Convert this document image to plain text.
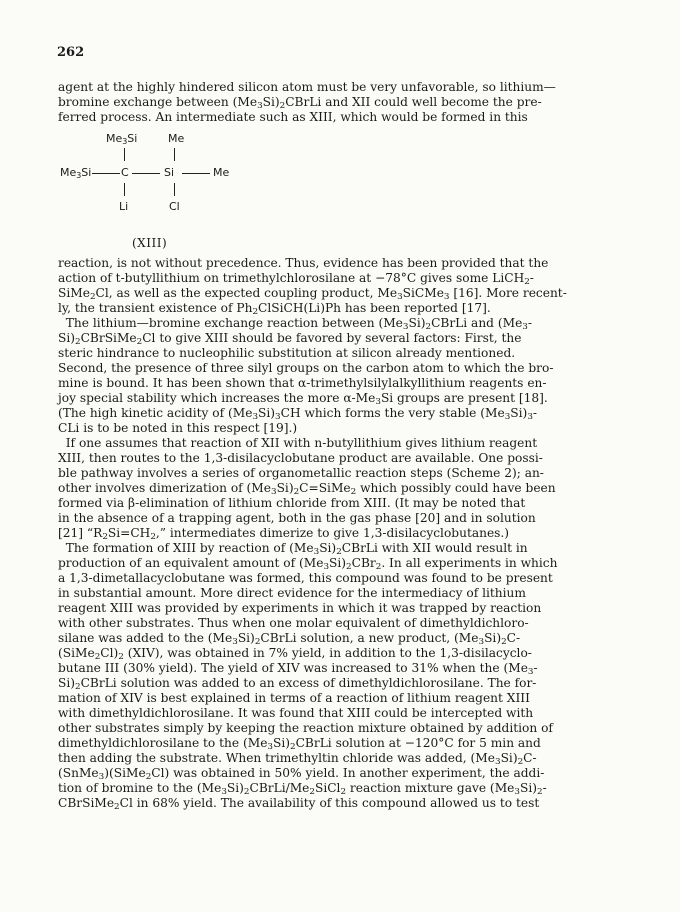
262
agent at the highly hindered silicon atom must be very unfavorable, so lithium—
bromine exchange between $(Me_3Si)_2CBrLi$ and XII could well become the pre-
ferred process. An intermediate such as XIII, which would be formed in this
$Me_3Si$	Me
$Me_3Si$	C	Si	Me
Li	Cl
(XIII)
reaction, is not without precedence. Thus, evidence has been provided that the
action of t-butyllithium on trimethylchlorosilane at −78°C gives some LiCH$_2$-
SiMe$_2$Cl, as well as the expected coupling product, $Me_3SiCMe_3$ [16]. More recent-
ly, the transient existence of $Ph_2ClSiCH(Li)Ph$ has been reported [17].
The lithium—bromine exchange reaction between $(Me_3Si)_2CBrLi$ and ($Me_3-$
$Si)_2CBrSiMe_2Cl$ to give XIII should be favored by several factors: First, the
steric hindrance to nucleophilic substitution at silicon already mentioned.
Second, the presence of three silyl groups on the carbon atom to which the bro-
mine is bound. It has been shown that α-trimethylsilylalkyllithium reagents en-
joy special stability which increases the more $\alpha-Me_3Si$ groups are present [18].
(The high kinetic acidity of $(Me_3Si)_3CH$ which forms the very stable $(Me_3Si)_3-$
CLi is to be noted in this respect [19].)
If one assumes that reaction of XII with n-butyllithium gives lithium reagent
XIII, then routes to the 1,3-disilacyclobutane product are available. One possi-
ble pathway involves a series of organometallic reaction steps (Scheme 2); an-
other involves dimerization of $(Me_3Si)_2C=SiMe_2$ which possibly could have been
formed via β-elimination of lithium chloride from XIII. (It may be noted that
in the absence of a trapping agent, both in the gas phase [20] and in solution
[21] “$R_2Si=CH_2$,” intermediates dimerize to give 1,3-disilacyclobutanes.)
The formation of XIII by reaction of $(Me_3Si)_2CBrLi$ with XII would result in
production of an equivalent amount of $(Me_3Si)_2CBr_2$. In all experiments in which
a 1,3-dimetallacyclobutane was formed, this compound was found to be present
in substantial amount. More direct evidence for the intermediacy of lithium
reagent XIII was provided by experiments in which it was trapped by reaction
with other substrates. Thus when one molar equivalent of dimethyldichloro-
silane was added to the $(Me_3Si)_2CBrLi$ solution, a new product, $(Me_3Si)_2C-$
$(SiMe_2Cl)_2$ (XIV), was obtained in 7% yield, in addition to the 1,3-disilacyclo-
butane III (30% yield). The yield of XIV was increased to 31% when the ($Me_3-$
$Si)_2CBrLi$ solution was added to an excess of dimethyldichlorosilane. The for-
mation of XIV is best explained in terms of a reaction of lithium reagent XIII
with dimethyldichlorosilane. It was found that XIII could be intercepted with
other substrates simply by keeping the reaction mixture obtained by addition of
dimethyldichlorosilane to the $(Me_3Si)_2CBrLi$ solution at −120°C for 5 min and
then adding the substrate. When trimethyltin chloride was added, $(Me_3Si)_2C-$
(SnMe$_3$)(SiMe$_2$Cl) was obtained in 50% yield. In another experiment, the addi-
tion of bromine to the $(Me_3Si)_2CBrLi/Me_2SiCl_2$ reaction mixture gave $(Me_3Si)_2-$
CBrSiMe$_2$Cl in 68% yield. The availability of this compound allowed us to test
